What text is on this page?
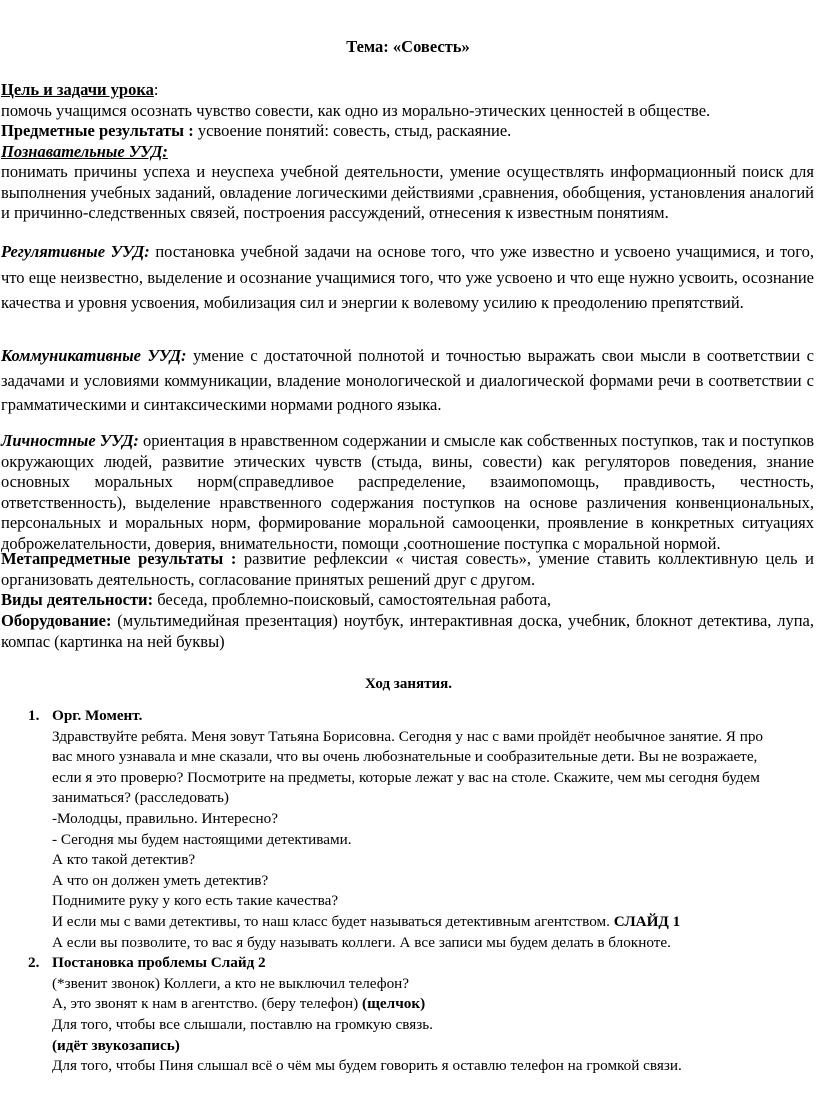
Тема: «Совесть»
Цель и задачи урока:
помочь учащимся осознать чувство совести, как одно из морально-этических ценностей в обществе.
Предметные результаты : усвоение понятий: совесть, стыд, раскаяние.
Познавательные УУД:
понимать причины успеха и неуспеха учебной деятельности, умение осуществлять информационный поиск для выполнения учебных заданий, овладение логическими действиями ,сравнения, обобщения, установления аналогий и причинно-следственных связей, построения рассуждений, отнесения к известным понятиям.
Регулятивные УУД: постановка учебной задачи на основе того, что уже известно и усвоено учащимися, и того, что еще неизвестно, выделение и осознание учащимися того, что уже усвоено и что еще нужно усвоить, осознание качества и уровня усвоения, мобилизация сил и энергии к волевому усилию к преодолению препятствий.
Коммуникативные УУД: умение с достаточной полнотой и точностью выражать свои мысли в соответствии с задачами и условиями коммуникации, владение монологической и диалогической формами речи в соответствии с грамматическими и синтаксическими нормами родного языка.
Личностные УУД: ориентация в нравственном содержании и смысле как собственных поступков, так и поступков окружающих людей, развитие этических чувств (стыда, вины, совести) как регуляторов поведения, знание основных моральных норм(справедливое распределение, взаимопомощь, правдивость, честность, ответственность), выделение нравственного содержания поступков на основе различения конвенциональных, персональных и моральных норм, формирование моральной самооценки, проявление в конкретных ситуациях доброжелательности, доверия, внимательности, помощи ,соотношение поступка с моральной нормой.
Метапредметные результаты : развитие рефлексии « чистая совесть», умение ставить коллективную цель и организовать деятельность, согласование принятых решений друг с другом.
Виды деятельности: беседа, проблемно-поисковый, самостоятельная работа,
Оборудование: (мультимедийная презентация) ноутбук, интерактивная доска, учебник, блокнот детектива, лупа, компас (картинка на ней буквы)
Ход занятия.
1. Орг. Момент.
Здравствуйте ребята. Меня зовут Татьяна Борисовна. Сегодня у нас с вами пройдёт необычное занятие. Я про
вас много узнавала и мне сказали, что вы очень любознательные и сообразительные дети. Вы не возражаете,
если я это проверю? Посмотрите на предметы, которые лежат у вас на столе. Скажите, чем мы сегодня будем
заниматься? (расследовать)
-Молодцы, правильно. Интересно?
- Сегодня мы будем настоящими детективами.
А кто такой детектив?
А что он должен уметь детектив?
Поднимите руку у кого есть такие качества?
И если мы с вами детективы, то наш класс будет называться детективным агентством. СЛАЙД 1
А если вы позволите, то вас я буду называть коллеги. А все записи мы будем делать в блокноте.
2. Постановка проблемы Слайд 2
(*звенит звонок) Коллеги, а кто не выключил телефон?
А, это звонят к нам в агентство. (беру телефон) (щелчок)
Для того, чтобы все слышали, поставлю на громкую связь.
(идёт звукозапись)
Для того, чтобы Пиня слышал всё о чём мы будем говорить я оставлю телефон на громкой связи.
